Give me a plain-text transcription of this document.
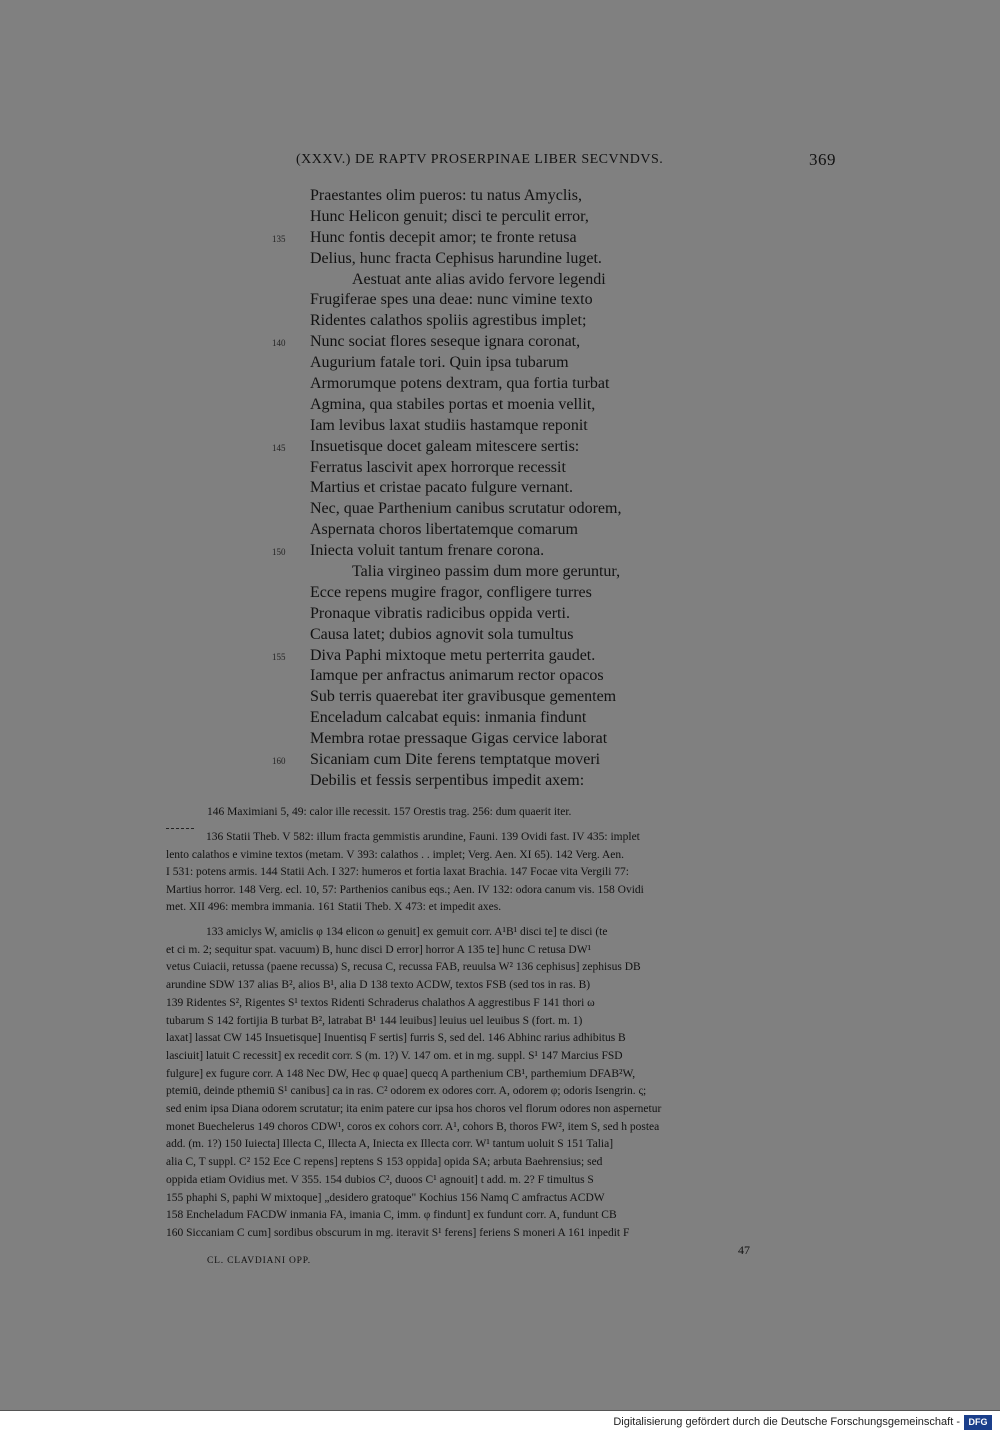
(XXXV.) DE RAPTV PROSERPINAE LIBER SECVNDVS.	369
Praestantes olim pueros: tu natus Amyclis,
Hunc Helicon genuit; disci te perculit error,
135 Hunc fontis decepit amor; te fronte retusa
Delius, hunc fracta Cephisus harundine luget.
Aestuat ante alias avido fervore legendi
Frugiferae spes una deae: nunc vimine texto
Ridentes calathos spoliis agrestibus implet;
140 Nunc sociat flores seseque ignara coronat,
Augurium fatale tori. Quin ipsa tubarum
Armorumque potens dextram, qua fortia turbat
Agmina, qua stabiles portas et moenia vellit,
Iam levibus laxat studiis hastamque reponit
145 Insuetisque docet galeam mitescere sertis:
Ferratus lascivit apex horrorque recessit
Martius et cristae pacato fulgure vernant.
Nec, quae Parthenium canibus scrutatur odorem,
Aspernata choros libertatemque comarum
150 Iniecta voluit tantum frenare corona.
Talia virgineo passim dum more geruntur,
Ecce repens mugire fragor, confligere turres
Pronaque vibratis radicibus oppida verti.
Causa latet; dubios agnovit sola tumultus
155 Diva Paphi mixtoque metu perterrita gaudet.
Iamque per anfractus animarum rector opacos
Sub terris quaerebat iter gravibusque gementem
Enceladum calcabat equis: inmania findunt
Membra rotae pressaque Gigas cervice laborat
160 Sicaniam cum Dite ferens temptatque moveri
Debilis et fessis serpentibus impedit axem:
146 Maximiani 5, 49: calor ille recessit. 157 Orestis trag. 256: dum quaerit iter.
136 Statii Theb. V 582: illum fracta gemmistis arundine, Fauni. 139 Ovidi fast. IV 435: implet
lento calathos e vimine textos (metam. V 393: calathos . . implet; Verg. Aen. XI 65). 142 Verg. Aen.
I 531: potens armis. 144 Statii Ach. I 327: humeros et fortia laxat Brachia. 147 Focae vita Vergili 77:
Martius horror. 148 Verg. ecl. 10, 57: Parthenios canibus eqs.; Aen. IV 132: odora canum vis. 158 Ovidi
met. XII 496: membra immania. 161 Statii Theb. X 473: et impedit axes.
133 amiclys W, amiclis φ 134 elicon ω genuit] ex gemuit corr. A¹B¹ disci te] te disci (te
et ci m. 2; sequitur spat. vacuum) B, hunc disci D error] horror A 135 te] hunc C retusa DW¹
vetus Cuiacii, retussa (paene recussa) S, recusa C, recussa FAB, reuulsa W² 136 cephisus] zephisus DB
arundine SDW 137 alias B², alios B¹, alia D 138 texto ACDW, textos FSB (sed tos in ras. B)
139 Ridentes S², Rigentes S¹ textos Ridenti Schraderus chalathos A aggrestibus F 141 thori ω
tubarum S 142 fortijia B turbat B², latrabat B¹ 144 leuibus] leuius uel leuibus S (fort. m. 1)
laxat] lassat CW 145 Insuetisque] Inuentisq F sertis] furris S, sed del. 146 Abhinc rarius adhibitus B
lasciuit] latuit C recessit] ex recedit corr. S (m. 1?) V. 147 om. et in mg. suppl. S¹ 147 Marcius FSD
fulgure] ex fugure corr. A 148 Nec DW, Hec φ quae] quecq A parthenium CB¹, parthemium DFAB²W,
ptemiū, deinde pthemiū S¹ canibus] ca in ras. C² odorem ex odores corr. A, odorem φ; odoris Isengrin. ς;
sed enim ipsa Diana odorem scrutatur; ita enim patere cur ipsa hos choros vel florum odores non aspernetur
monet Buechelerus 149 choros CDW¹, coros ex cohors corr. A¹, cohors B, thoros FW², item S, sed h postea
add. (m. 1?) 150 Iuiecta] Illecta C, Illecta A, Iniecta ex Illecta corr. W¹ tantum uoluit S 151 Talia]
alia C, T suppl. C² 152 Ece C repens] reptens S 153 oppida] opida SA; arbuta Baehrensius; sed
oppida etiam Ovidius met. V 355. 154 dubios C², duoos C¹ agnouit] t add. m. 2? F timultus S
155 phaphi S, paphi W mixtoque] „desidero gratoque" Kochius 156 Namq C amfractus ACDW
158 Encheladum FACDW inmania FA, imania C, imm. φ findunt] ex fundunt corr. A, fundunt CB
160 Siccaniam C cum] sordibus obscurum in mg. iteravit S¹ ferens] feriens S moneri A 161 inpedit F
CL. CLAVDIANI OPP.
47
Digitalisierung gefördert durch die Deutsche Forschungsgemeinschaft - DFG
